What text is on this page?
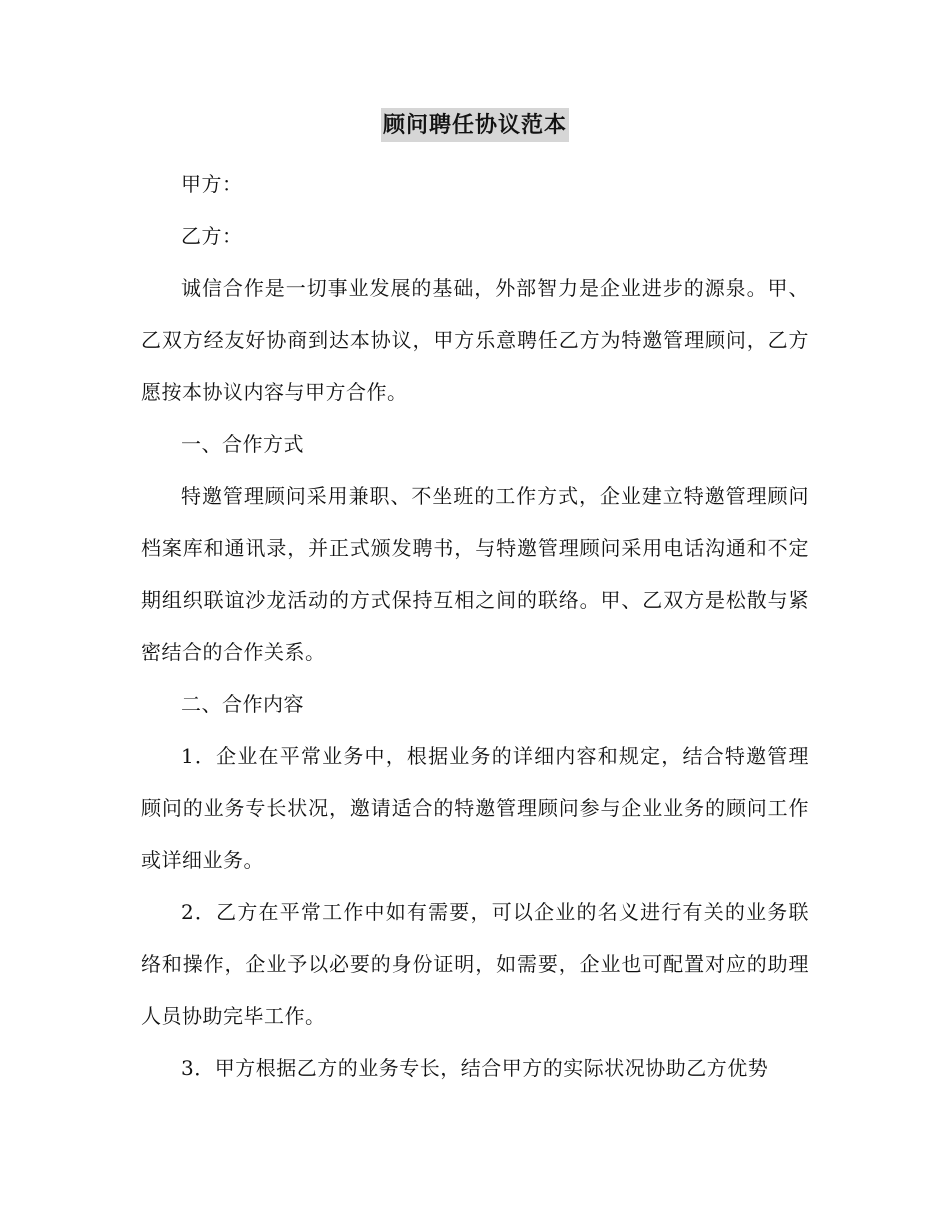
顾问聘任协议范本

甲方：

乙方：

诚信合作是一切事业发展的基础，外部智力是企业进步的源泉。甲、乙双方经友好协商到达本协议，甲方乐意聘任乙方为特邀管理顾问，乙方愿按本协议内容与甲方合作。

一、合作方式

特邀管理顾问采用兼职、不坐班的工作方式，企业建立特邀管理顾问档案库和通讯录，并正式颁发聘书，与特邀管理顾问采用电话沟通和不定期组织联谊沙龙活动的方式保持互相之间的联络。甲、乙双方是松散与紧密结合的合作关系。

二、合作内容

1．企业在平常业务中，根据业务的详细内容和规定，结合特邀管理顾问的业务专长状况，邀请适合的特邀管理顾问参与企业业务的顾问工作或详细业务。

2．乙方在平常工作中如有需要，可以企业的名义进行有关的业务联络和操作，企业予以必要的身份证明，如需要，企业也可配置对应的助理人员协助完毕工作。

3．甲方根据乙方的业务专长，结合甲方的实际状况协助乙方优势
